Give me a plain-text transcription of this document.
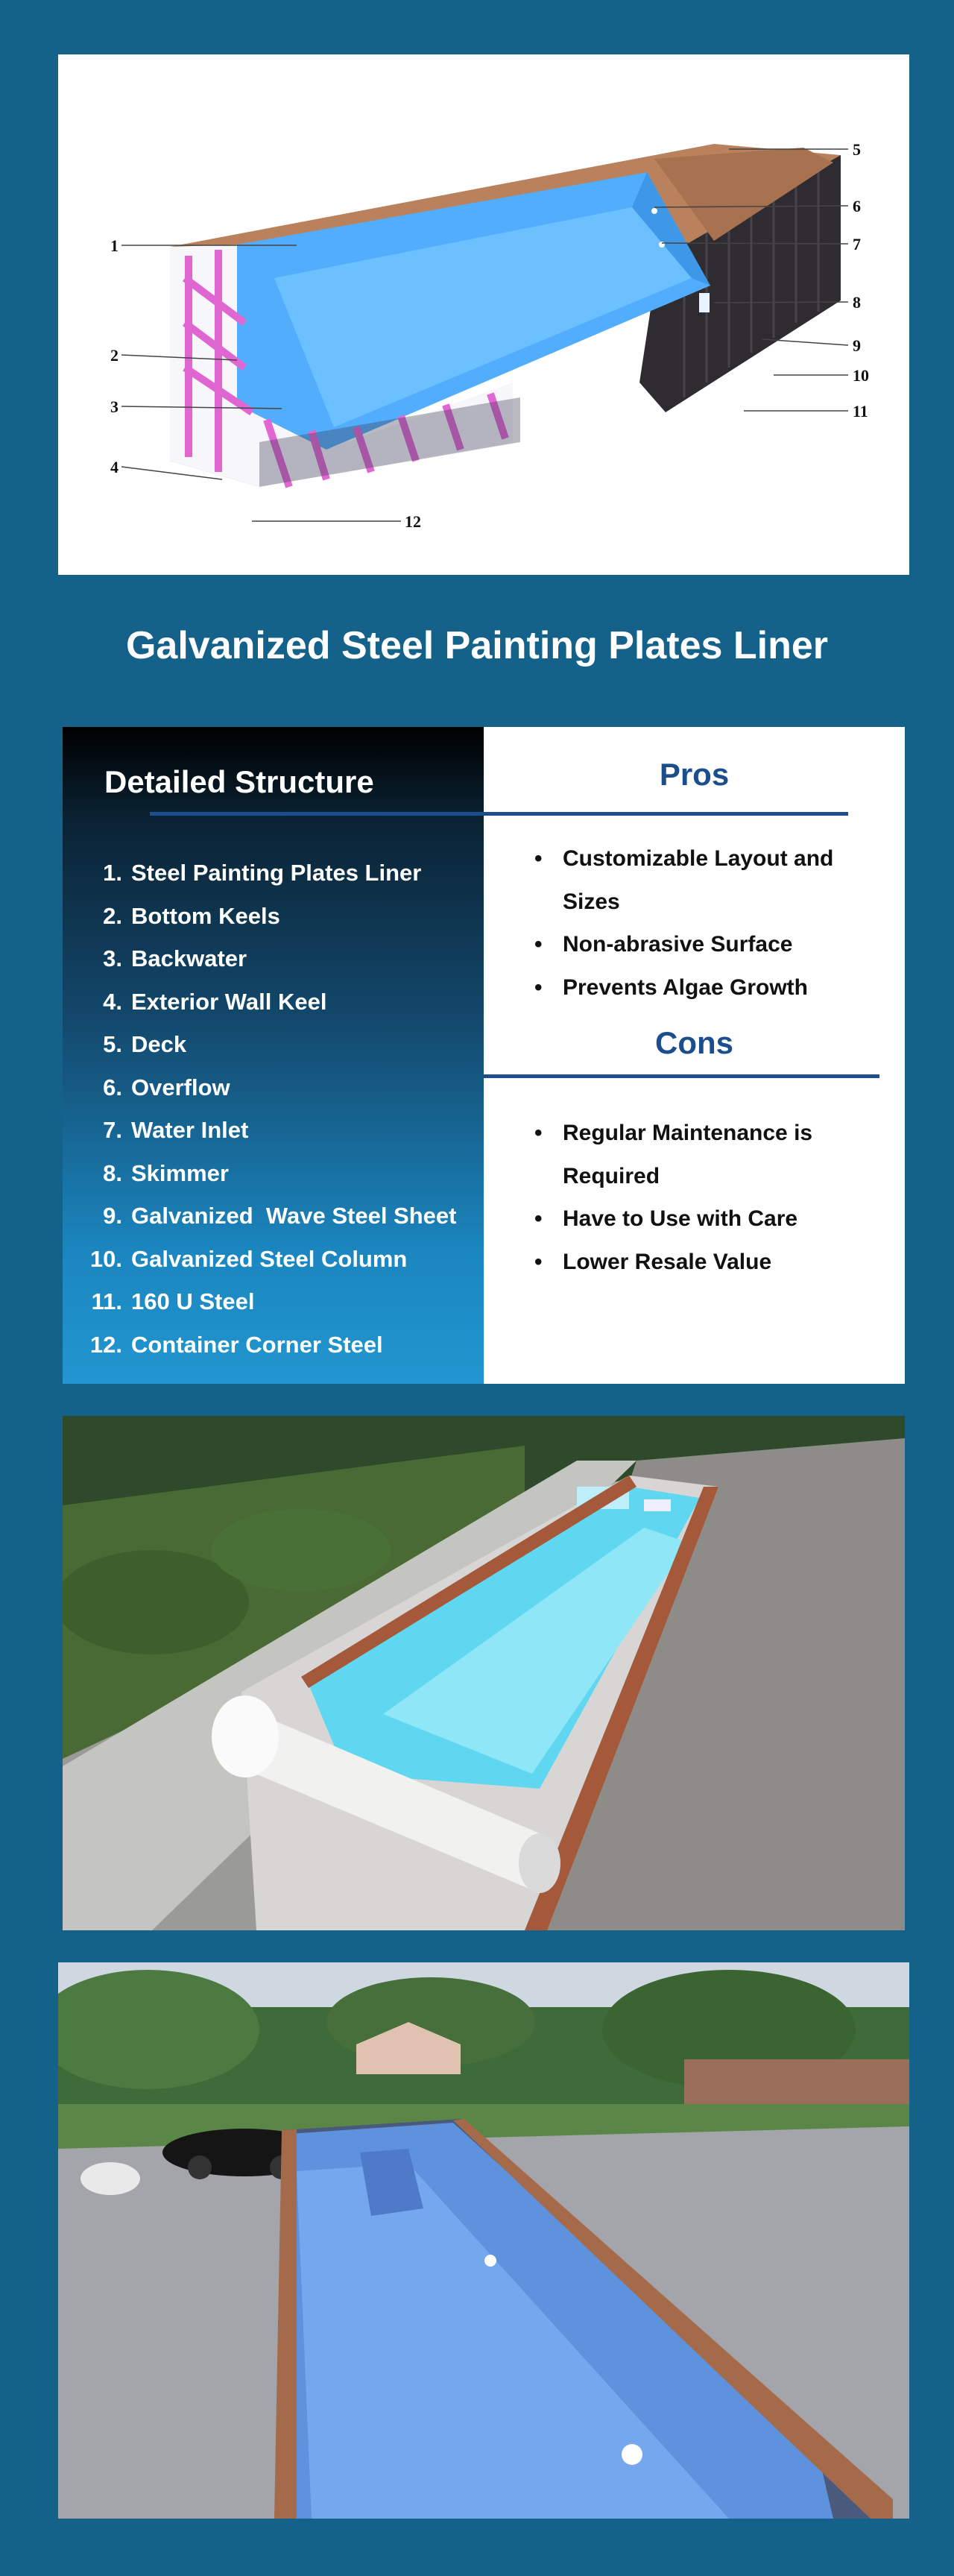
1
2
3
4
5
6
7
8
9
10
11
12
Galvanized Steel Painting Plates Liner
Detailed Structure
1. Steel Painting Plates Liner
2. Bottom Keels
3. Backwater
4. Exterior Wall Keel
5. Deck
6. Overflow
7. Water Inlet
8. Skimmer
9. Galvanized  Wave Steel Sheet
10. Galvanized Steel Column
11. 160 U Steel
12. Container Corner Steel
Pros
• Customizable Layout and Sizes
• Non-abrasive Surface
• Prevents Algae Growth
Cons
• Regular Maintenance is Required
• Have to Use with Care
• Lower Resale Value
